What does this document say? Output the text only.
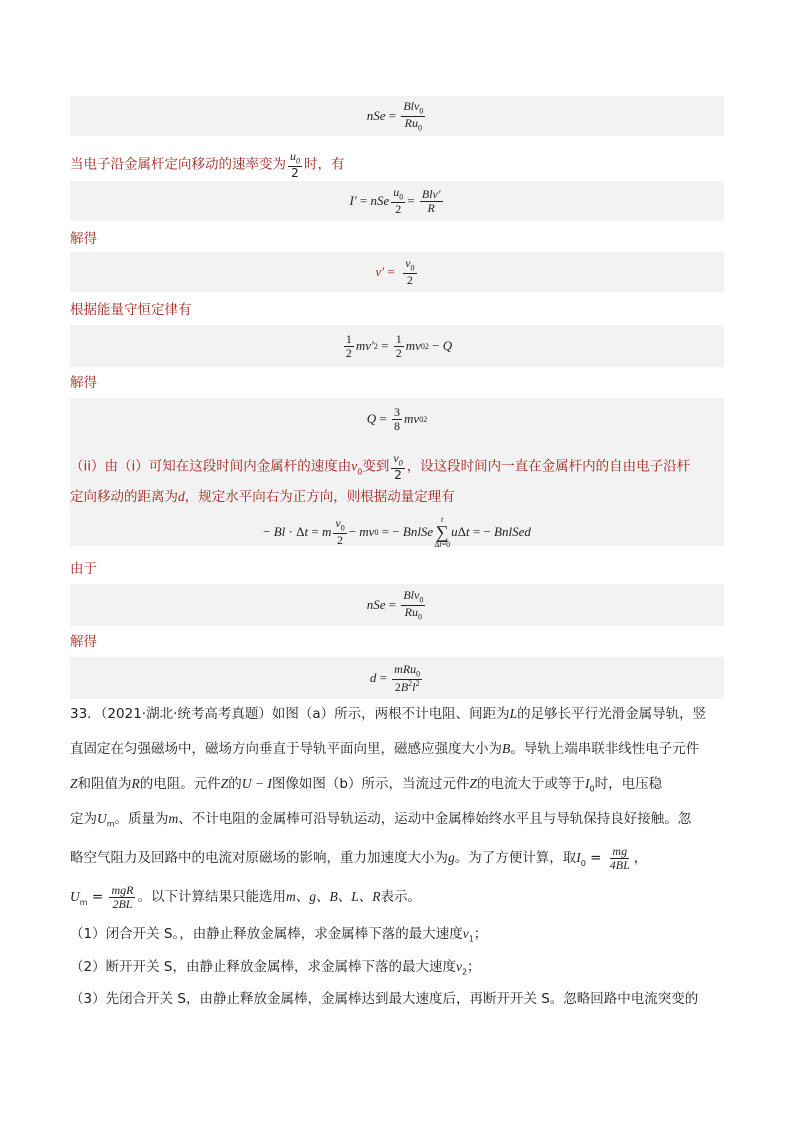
nSe = $\frac{Blv_0}{Ru_0}$
当电子沿金属杆定向移动的速率变为 $\frac{u_0}{2}$ 时，有
I′ = nSe $\frac{u_0}{2} = \frac{\text{Blv′}}{R}$
解得
v′ =
$\frac{v_0}{2}$
根据能量守恒定律有
$\frac{1}{2} mv'$ $2 = \frac{1}{2}$ mv 0 2 − Q
解得
$Q = \frac{3}{8}$ mv 0 2
（ii）由（i）可知在这段时间内金属杆的速度由$v_0$变到 $\frac{v_0}{2}$ ，设这段时间内一直在金属杆内的自由电子沿杆
定向移动的距离为d，规定水平向右为正方向，则根据动量定理有
− Bl · Δ t = m $\frac{v_0}{2}$ − mv 0 = − BnlSe
t
∑
Δt=0
u Δ t = − BnlSed
由于
nSe = $\frac{Blv_0}{Ru_0}$
解得
$d = \frac{mRu_0}{2B^2l^2}$
33．（2021·湖北·统考高考真题）如图（a）所示，两根不计电阻、间距为L的足够长平行光滑金属导轨，竖
直固定在匀强磁场中，磁场方向垂直于导轨平面向里，磁感应强度大小为B。导轨上端串联非线性电子元件
Z和阻值为R的电阻。元件Z的U − I图像如图（b）所示，当流过元件Z的电流大于或等于$I_0$时，电压稳
定为$U_m$。质量为m、不计电阻的金属棒可沿导轨运动，运动中金属棒始终水平且与导轨保持良好接触。忽
略空气阻力及回路中的电流对原磁场的影响，重力加速度大小为g。为了方便计算，取$I_0 = \frac{mg}{4BL}$ ，
$U_m = \frac{\text{mgR}}{2BL}$ 。以下计算结果只能选用m、g、B、L、R表示。
（1）闭合开关 S。，由静止释放金属棒，求金属棒下落的最大速度$v_1$；
（2）断开开关 S，由静止释放金属棒，求金属棒下落的最大速度$v_2$；
（3）先闭合开关 S，由静止释放金属棒，金属棒达到最大速度后，再断开开关 S。忽略回路中电流突变的
